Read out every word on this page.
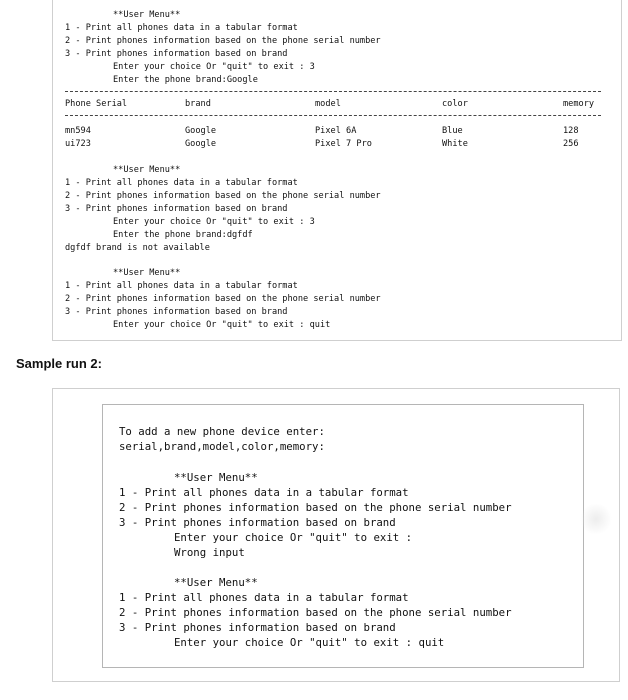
**User Menu**
1 - Print all phones data in a tabular format
2 - Print phones information based on the phone serial number
3 - Print phones information based on brand
Enter your choice Or "quit" to exit : 3
Enter the phone brand:Google
Phone Serial	brand	model	color	memory
mn594	Google	Pixel 6A	Blue	128
ui723	Google	Pixel 7 Pro	White	256
**User Menu**
1 - Print all phones data in a tabular format
2 - Print phones information based on the phone serial number
3 - Print phones information based on brand
Enter your choice Or "quit" to exit : 3
Enter the phone brand:dgfdf
dgfdf brand is not available
**User Menu**
1 - Print all phones data in a tabular format
2 - Print phones information based on the phone serial number
3 - Print phones information based on brand
Enter your choice Or "quit" to exit : quit
Sample run 2:
To add a new phone device enter:
serial,brand,model,color,memory:
**User Menu**
1 - Print all phones data in a tabular format
2 - Print phones information based on the phone serial number
3 - Print phones information based on brand
Enter your choice Or "quit" to exit :
Wrong input
**User Menu**
1 - Print all phones data in a tabular format
2 - Print phones information based on the phone serial number
3 - Print phones information based on brand
Enter your choice Or "quit" to exit : quit
